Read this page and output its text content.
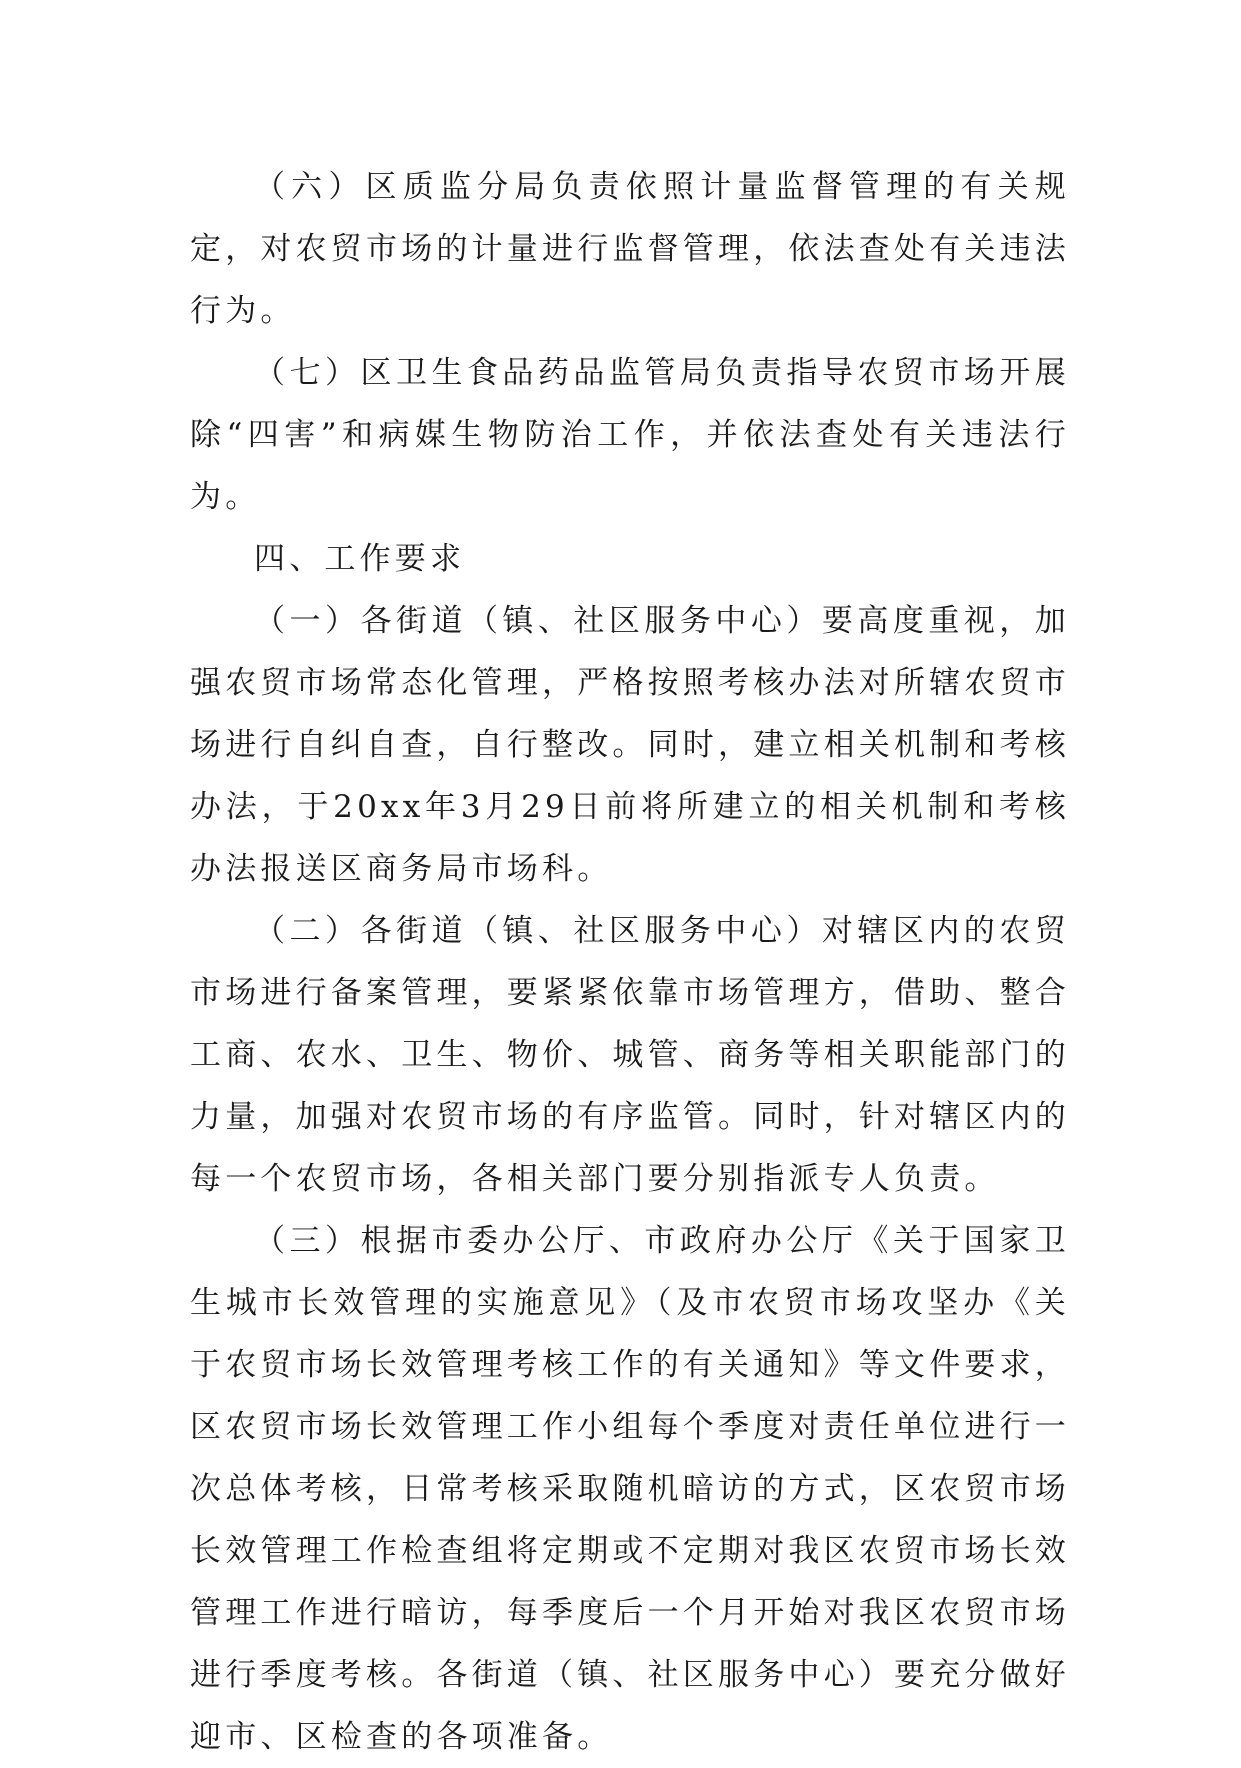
（六）区质监分局负责依照计量监督管理的有关规定，对农贸市场的计量进行监督管理，依法查处有关违法行为。

（七）区卫生食品药品监管局负责指导农贸市场开展除“四害”和病媒生物防治工作，并依法查处有关违法行为。

四、工作要求

（一）各街道（镇、社区服务中心）要高度重视，加强农贸市场常态化管理，严格按照考核办法对所辖农贸市场进行自纠自查，自行整改。同时，建立相关机制和考核办法，于20xx年3月29日前将所建立的相关机制和考核办法报送区商务局市场科。

（二）各街道（镇、社区服务中心）对辖区内的农贸市场进行备案管理，要紧紧依靠市场管理方，借助、整合工商、农水、卫生、物价、城管、商务等相关职能部门的力量，加强对农贸市场的有序监管。同时，针对辖区内的每一个农贸市场，各相关部门要分别指派专人负责。

（三）根据市委办公厅、市政府办公厅《关于国家卫生城市长效管理的实施意见》（及市农贸市场攻坚办《关于农贸市场长效管理考核工作的有关通知》等文件要求，区农贸市场长效管理工作小组每个季度对责任单位进行一次总体考核，日常考核采取随机暗访的方式，区农贸市场长效管理工作检查组将定期或不定期对我区农贸市场长效管理工作进行暗访，每季度后一个月开始对我区农贸市场进行季度考核。各街道（镇、社区服务中心）要充分做好迎市、区检查的各项准备。
